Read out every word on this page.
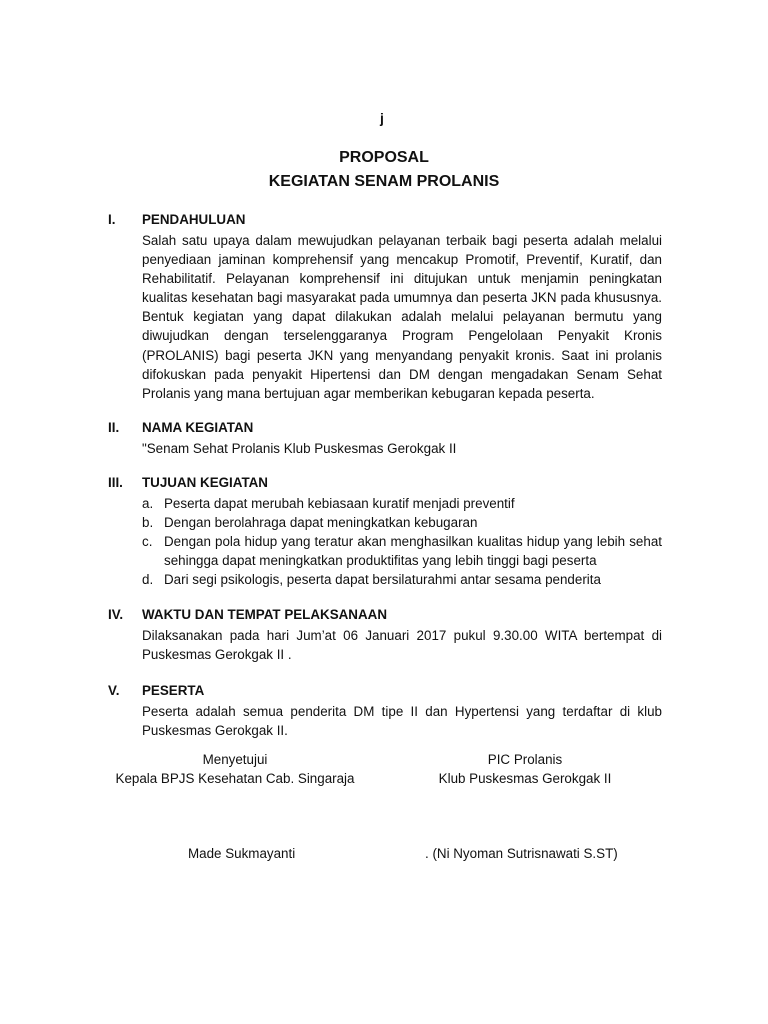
j
PROPOSAL
KEGIATAN SENAM PROLANIS
I. PENDAHULUAN
Salah satu upaya dalam mewujudkan pelayanan terbaik bagi peserta adalah melalui penyediaan jaminan komprehensif yang mencakup Promotif, Preventif, Kuratif, dan Rehabilitatif. Pelayanan komprehensif ini ditujukan untuk menjamin peningkatan kualitas kesehatan bagi masyarakat pada umumnya dan peserta JKN pada khususnya. Bentuk kegiatan yang dapat dilakukan adalah melalui pelayanan bermutu yang diwujudkan dengan terselenggaranya Program Pengelolaan Penyakit Kronis (PROLANIS) bagi peserta JKN yang menyandang penyakit kronis. Saat ini prolanis difokuskan pada penyakit Hipertensi dan DM dengan mengadakan Senam Sehat Prolanis yang mana bertujuan agar memberikan kebugaran kepada peserta.
II. NAMA KEGIATAN
"Senam Sehat Prolanis Klub Puskesmas Gerokgak II
III. TUJUAN KEGIATAN
a. Peserta dapat merubah kebiasaan kuratif menjadi preventif
b. Dengan berolahraga dapat meningkatkan kebugaran
c. Dengan pola hidup yang teratur akan menghasilkan kualitas hidup yang lebih sehat sehingga dapat meningkatkan produktifitas yang lebih tinggi bagi peserta
d. Dari segi psikologis, peserta dapat bersilaturahmi antar sesama penderita
IV. WAKTU DAN TEMPAT PELAKSANAAN
Dilaksanakan pada hari Jum’at 06 Januari 2017 pukul 9.30.00 WITA bertempat di Puskesmas Gerokgak II .
V. PESERTA
Peserta adalah semua penderita DM tipe II dan Hypertensi yang terdaftar di klub Puskesmas Gerokgak II.
Menyetujui
Kepala BPJS Kesehatan Cab. Singaraja
PIC Prolanis
Klub Puskesmas Gerokgak II
Made Sukmayanti	. (Ni Nyoman Sutrisnawati S.ST)
